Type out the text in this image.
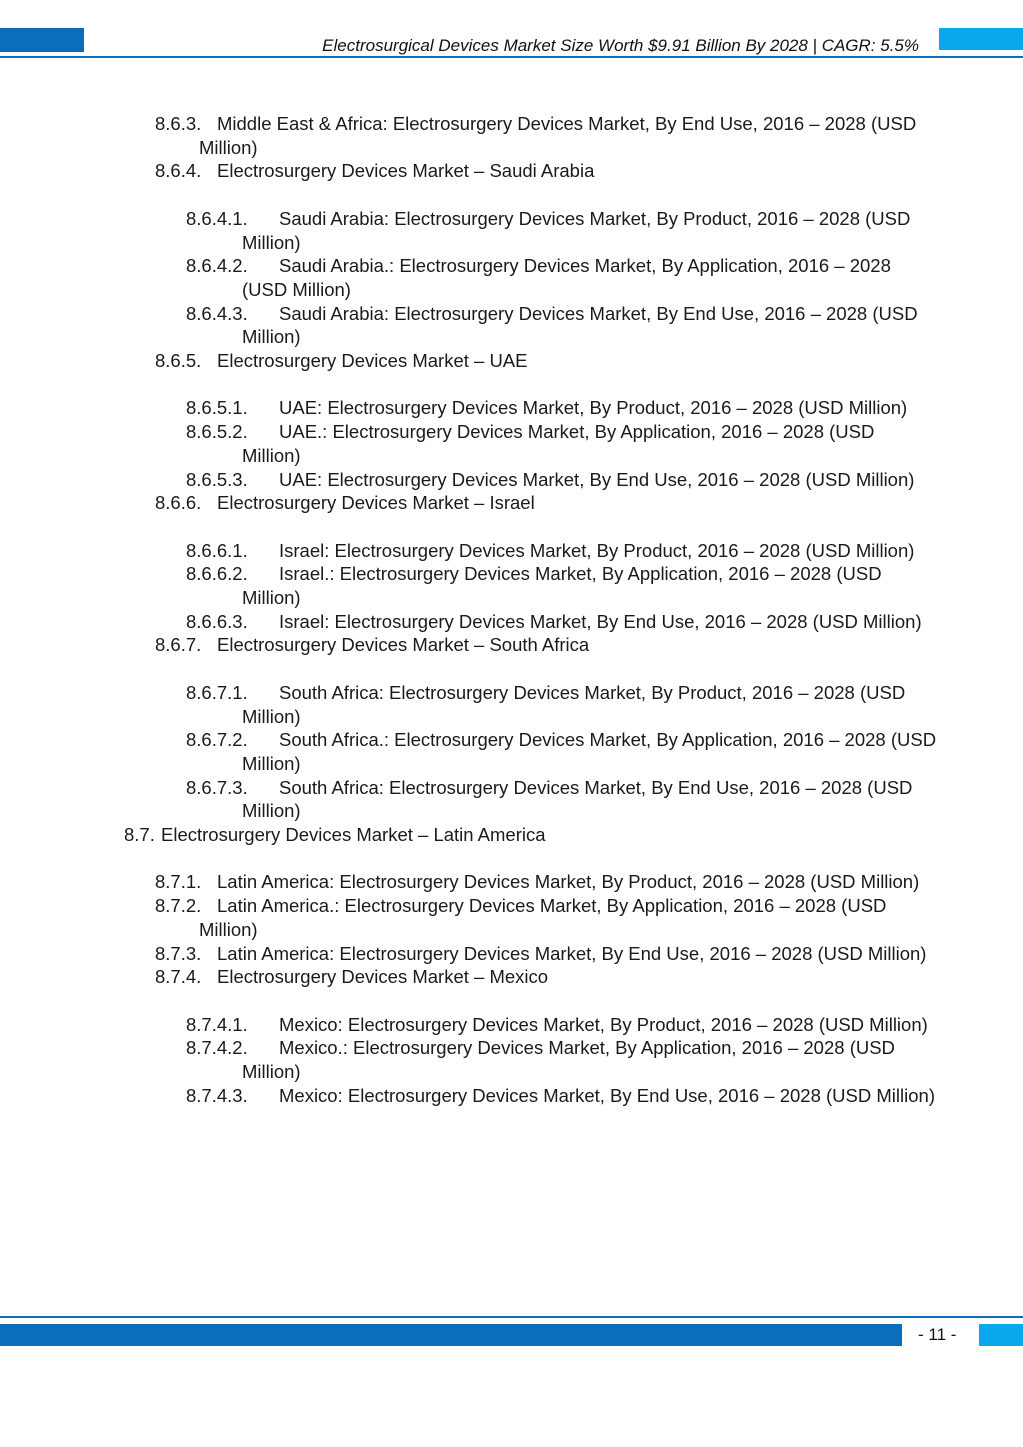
Electrosurgical Devices Market Size Worth $9.91 Billion By 2028 | CAGR: 5.5%
8.6.3. Middle East & Africa: Electrosurgery Devices Market, By End Use, 2016 – 2028 (USD Million)
8.6.4. Electrosurgery Devices Market – Saudi Arabia
8.6.4.1.	Saudi Arabia: Electrosurgery Devices Market, By Product, 2016 – 2028 (USD Million)
8.6.4.2.	Saudi Arabia.: Electrosurgery Devices Market, By Application, 2016 – 2028 (USD Million)
8.6.4.3.	Saudi Arabia: Electrosurgery Devices Market, By End Use, 2016 – 2028 (USD Million)
8.6.5. Electrosurgery Devices Market – UAE
8.6.5.1.	UAE: Electrosurgery Devices Market, By Product, 2016 – 2028 (USD Million)
8.6.5.2.	UAE.: Electrosurgery Devices Market, By Application, 2016 – 2028 (USD Million)
8.6.5.3.	UAE: Electrosurgery Devices Market, By End Use, 2016 – 2028 (USD Million)
8.6.6. Electrosurgery Devices Market – Israel
8.6.6.1.	Israel: Electrosurgery Devices Market, By Product, 2016 – 2028 (USD Million)
8.6.6.2.	Israel.: Electrosurgery Devices Market, By Application, 2016 – 2028 (USD Million)
8.6.6.3.	Israel: Electrosurgery Devices Market, By End Use, 2016 – 2028 (USD Million)
8.6.7. Electrosurgery Devices Market – South Africa
8.6.7.1.	South Africa: Electrosurgery Devices Market, By Product, 2016 – 2028 (USD Million)
8.6.7.2.	South Africa.: Electrosurgery Devices Market, By Application, 2016 – 2028 (USD Million)
8.6.7.3.	South Africa: Electrosurgery Devices Market, By End Use, 2016 – 2028 (USD Million)
8.7. Electrosurgery Devices Market – Latin America
8.7.1. Latin America: Electrosurgery Devices Market, By Product, 2016 – 2028 (USD Million)
8.7.2. Latin America.: Electrosurgery Devices Market, By Application, 2016 – 2028 (USD Million)
8.7.3. Latin America: Electrosurgery Devices Market, By End Use, 2016 – 2028 (USD Million)
8.7.4. Electrosurgery Devices Market – Mexico
8.7.4.1.	Mexico: Electrosurgery Devices Market, By Product, 2016 – 2028 (USD Million)
8.7.4.2.	Mexico.: Electrosurgery Devices Market, By Application, 2016 – 2028 (USD Million)
8.7.4.3.	Mexico: Electrosurgery Devices Market, By End Use, 2016 – 2028 (USD Million)
- 11 -
